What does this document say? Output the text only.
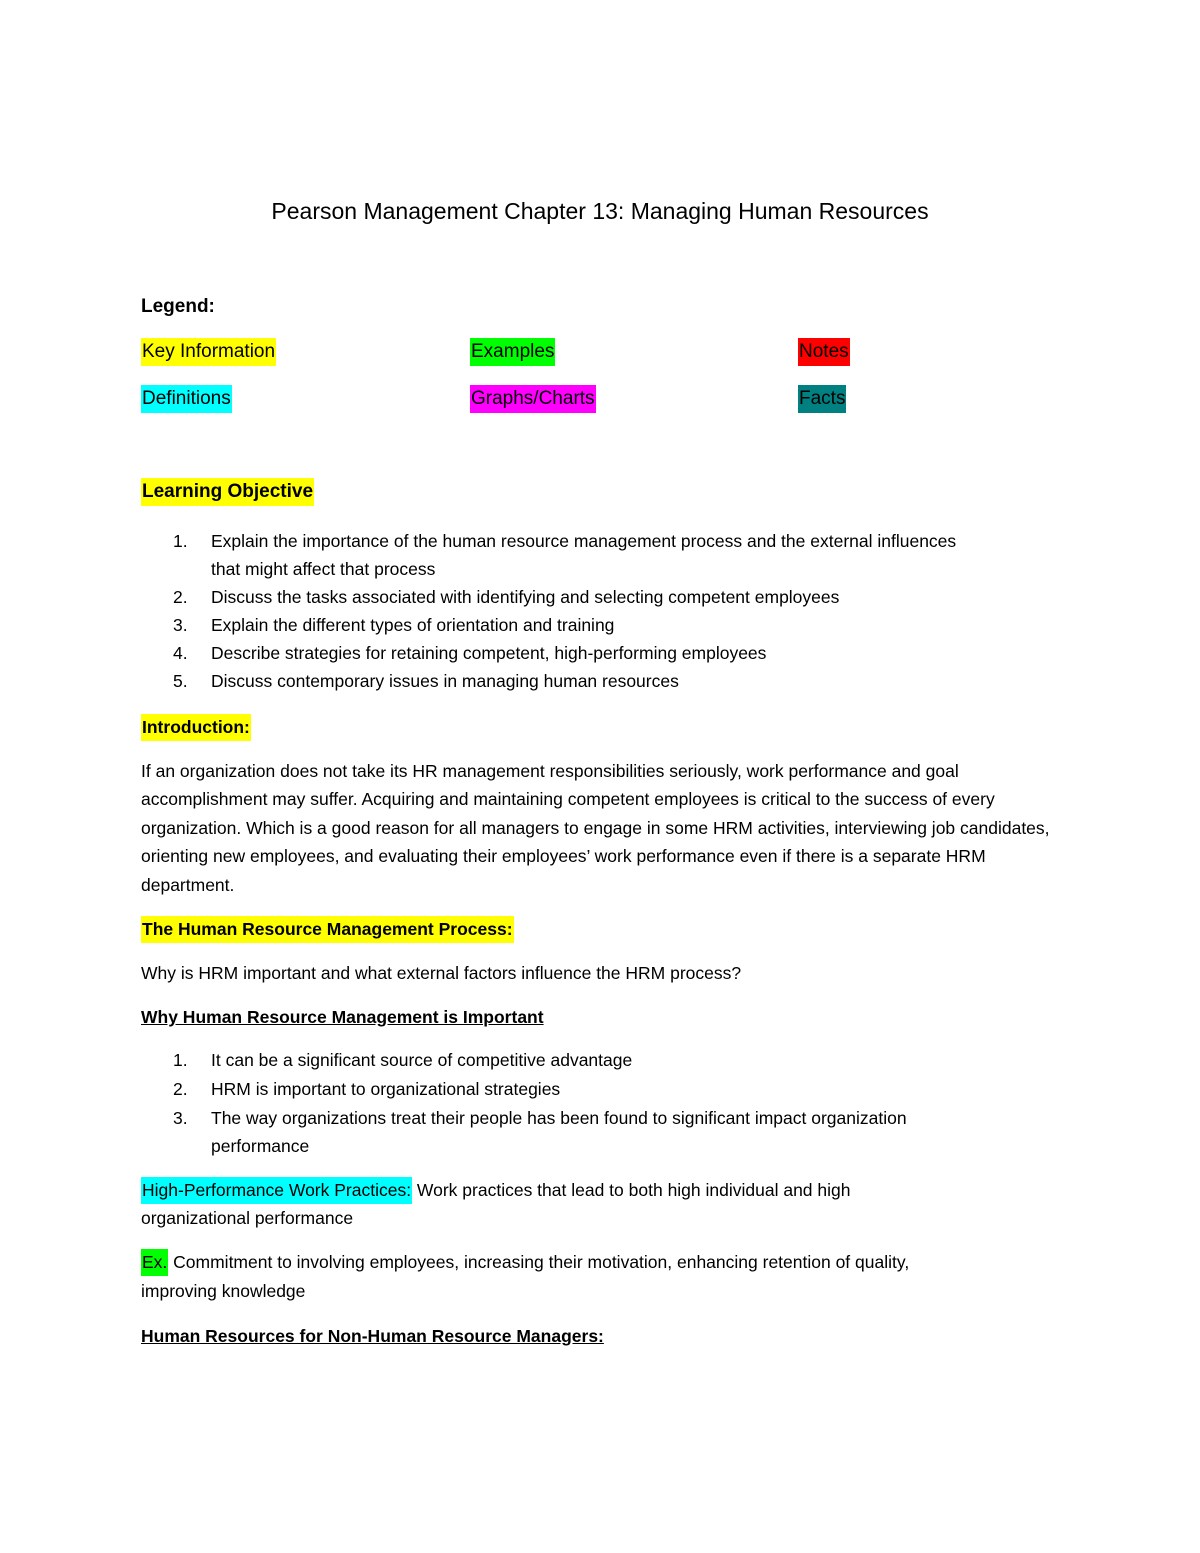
Pearson Management Chapter 13: Managing Human Resources
Legend:
Key Information	Examples	Notes
Definitions	Graphs/Charts	Facts
Learning Objective
1.	Explain the importance of the human resource management process and the external influences
that might affect that process
2.	Discuss the tasks associated with identifying and selecting competent employees
3.	Explain the different types of orientation and training
4.	Describe strategies for retaining competent, high-performing employees
5.	Discuss contemporary issues in managing human resources
Introduction:
If an organization does not take its HR management responsibilities seriously, work performance and goal accomplishment may suffer. Acquiring and maintaining competent employees is critical to the success of every organization. Which is a good reason for all managers to engage in some HRM activities, interviewing job candidates, orienting new employees, and evaluating their employees’ work performance even if there is a separate HRM department.
The Human Resource Management Process:
Why is HRM important and what external factors influence the HRM process?
Why Human Resource Management is Important
1.	It can be a significant source of competitive advantage
2.	HRM is important to organizational strategies
3.	The way organizations treat their people has been found to significant impact organization
performance
High-Performance Work Practices: Work practices that lead to both high individual and high
organizational performance
Ex. Commitment to involving employees, increasing their motivation, enhancing retention of quality,
improving knowledge
Human Resources for Non-Human Resource Managers:
